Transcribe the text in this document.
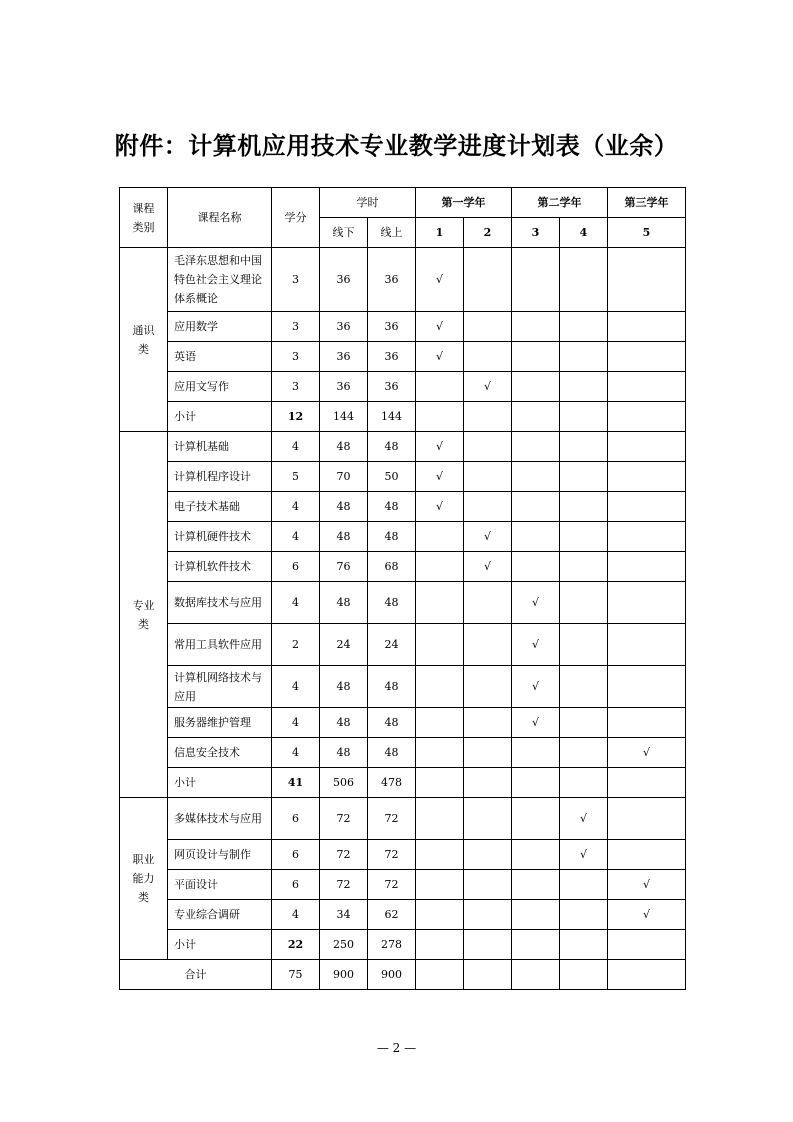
附件：计算机应用技术专业教学进度计划表（业余）
课程
类别	课程名称	学分	学时		第一学年		第二学年		第三学年
			线下	线上	1	2	3	4	5
通识
类	毛泽东思想和中国特色社会主义理论体系概论	3	36	36	√				
	应用数学	3	36	36	√				
	英语	3	36	36	√				
	应用文写作	3	36	36		√			
	小计	12	144	144					
专业
类	计算机基础	4	48	48	√				
	计算机程序设计	5	70	50	√				
	电子技术基础	4	48	48	√				
	计算机硬件技术	4	48	48		√			
	计算机软件技术	6	76	68		√			
	数据库技术与应用	4	48	48			√		
	常用工具软件应用	2	24	24			√		
	计算机网络技术与应用	4	48	48			√		
	服务器维护管理	4	48	48			√		
	信息安全技术	4	48	48					√
	小计	41	506	478					
职业
能力
类	多媒体技术与应用	6	72	72				√	
	网页设计与制作	6	72	72				√	
	平面设计	6	72	72					√
	专业综合调研	4	34	62					√
	小计	22	250	278					
合计		75	900	900					
— 2 —
